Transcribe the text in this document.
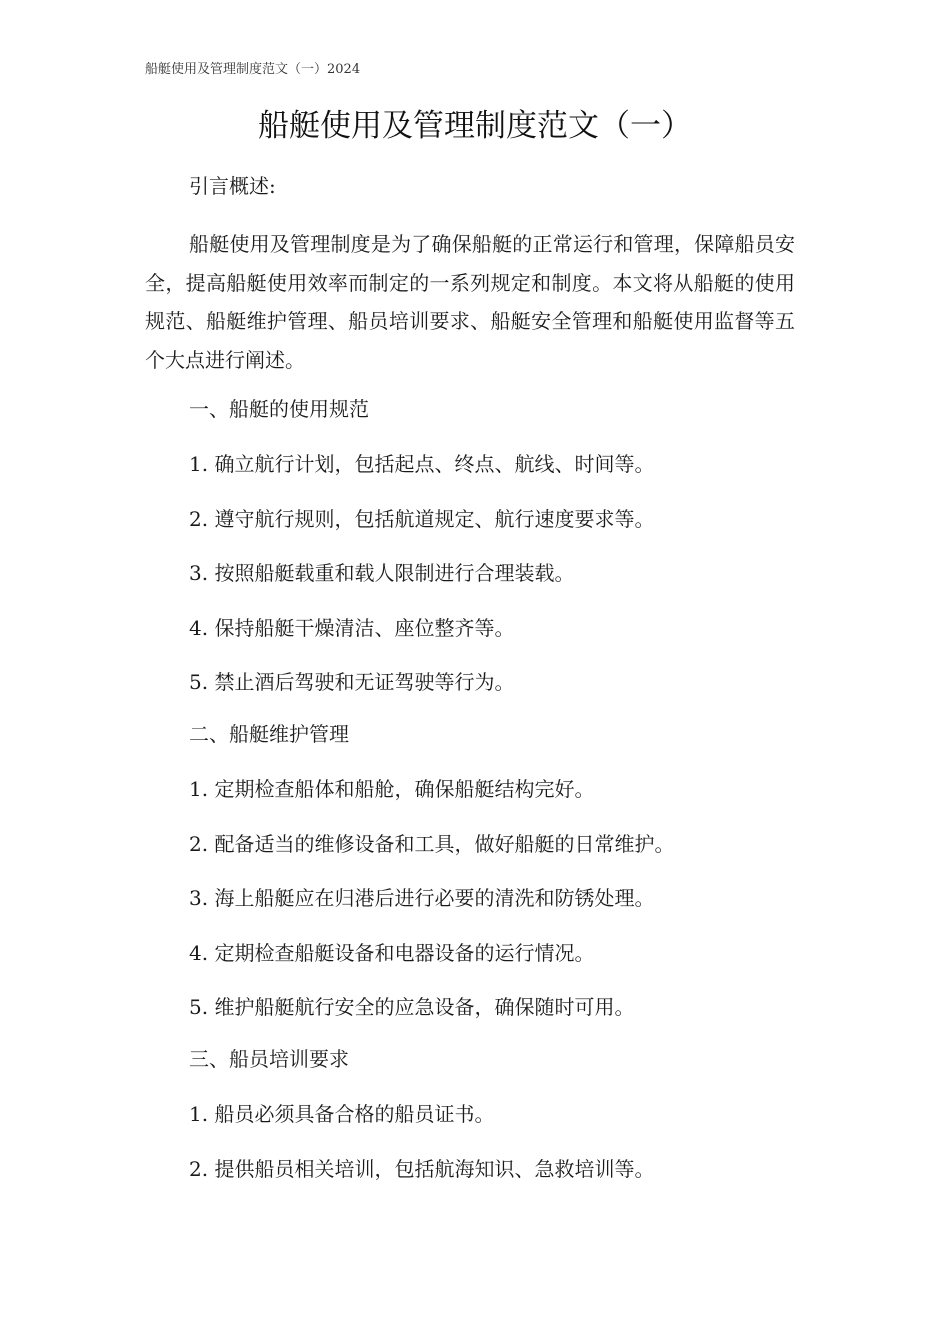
船艇使用及管理制度范文（一）2024
船艇使用及管理制度范文（一）
引言概述:
船艇使用及管理制度是为了确保船艇的正常运行和管理，保障船员安全，提高船艇使用效率而制定的一系列规定和制度。本文将从船艇的使用规范、船艇维护管理、船员培训要求、船艇安全管理和船艇使用监督等五个大点进行阐述。
一、船艇的使用规范
1. 确立航行计划，包括起点、终点、航线、时间等。
2. 遵守航行规则，包括航道规定、航行速度要求等。
3. 按照船艇载重和载人限制进行合理装载。
4. 保持船艇干燥清洁、座位整齐等。
5. 禁止酒后驾驶和无证驾驶等行为。
二、船艇维护管理
1. 定期检查船体和船舱，确保船艇结构完好。
2. 配备适当的维修设备和工具，做好船艇的日常维护。
3. 海上船艇应在归港后进行必要的清洗和防锈处理。
4. 定期检查船艇设备和电器设备的运行情况。
5. 维护船艇航行安全的应急设备，确保随时可用。
三、船员培训要求
1. 船员必须具备合格的船员证书。
2. 提供船员相关培训，包括航海知识、急救培训等。
